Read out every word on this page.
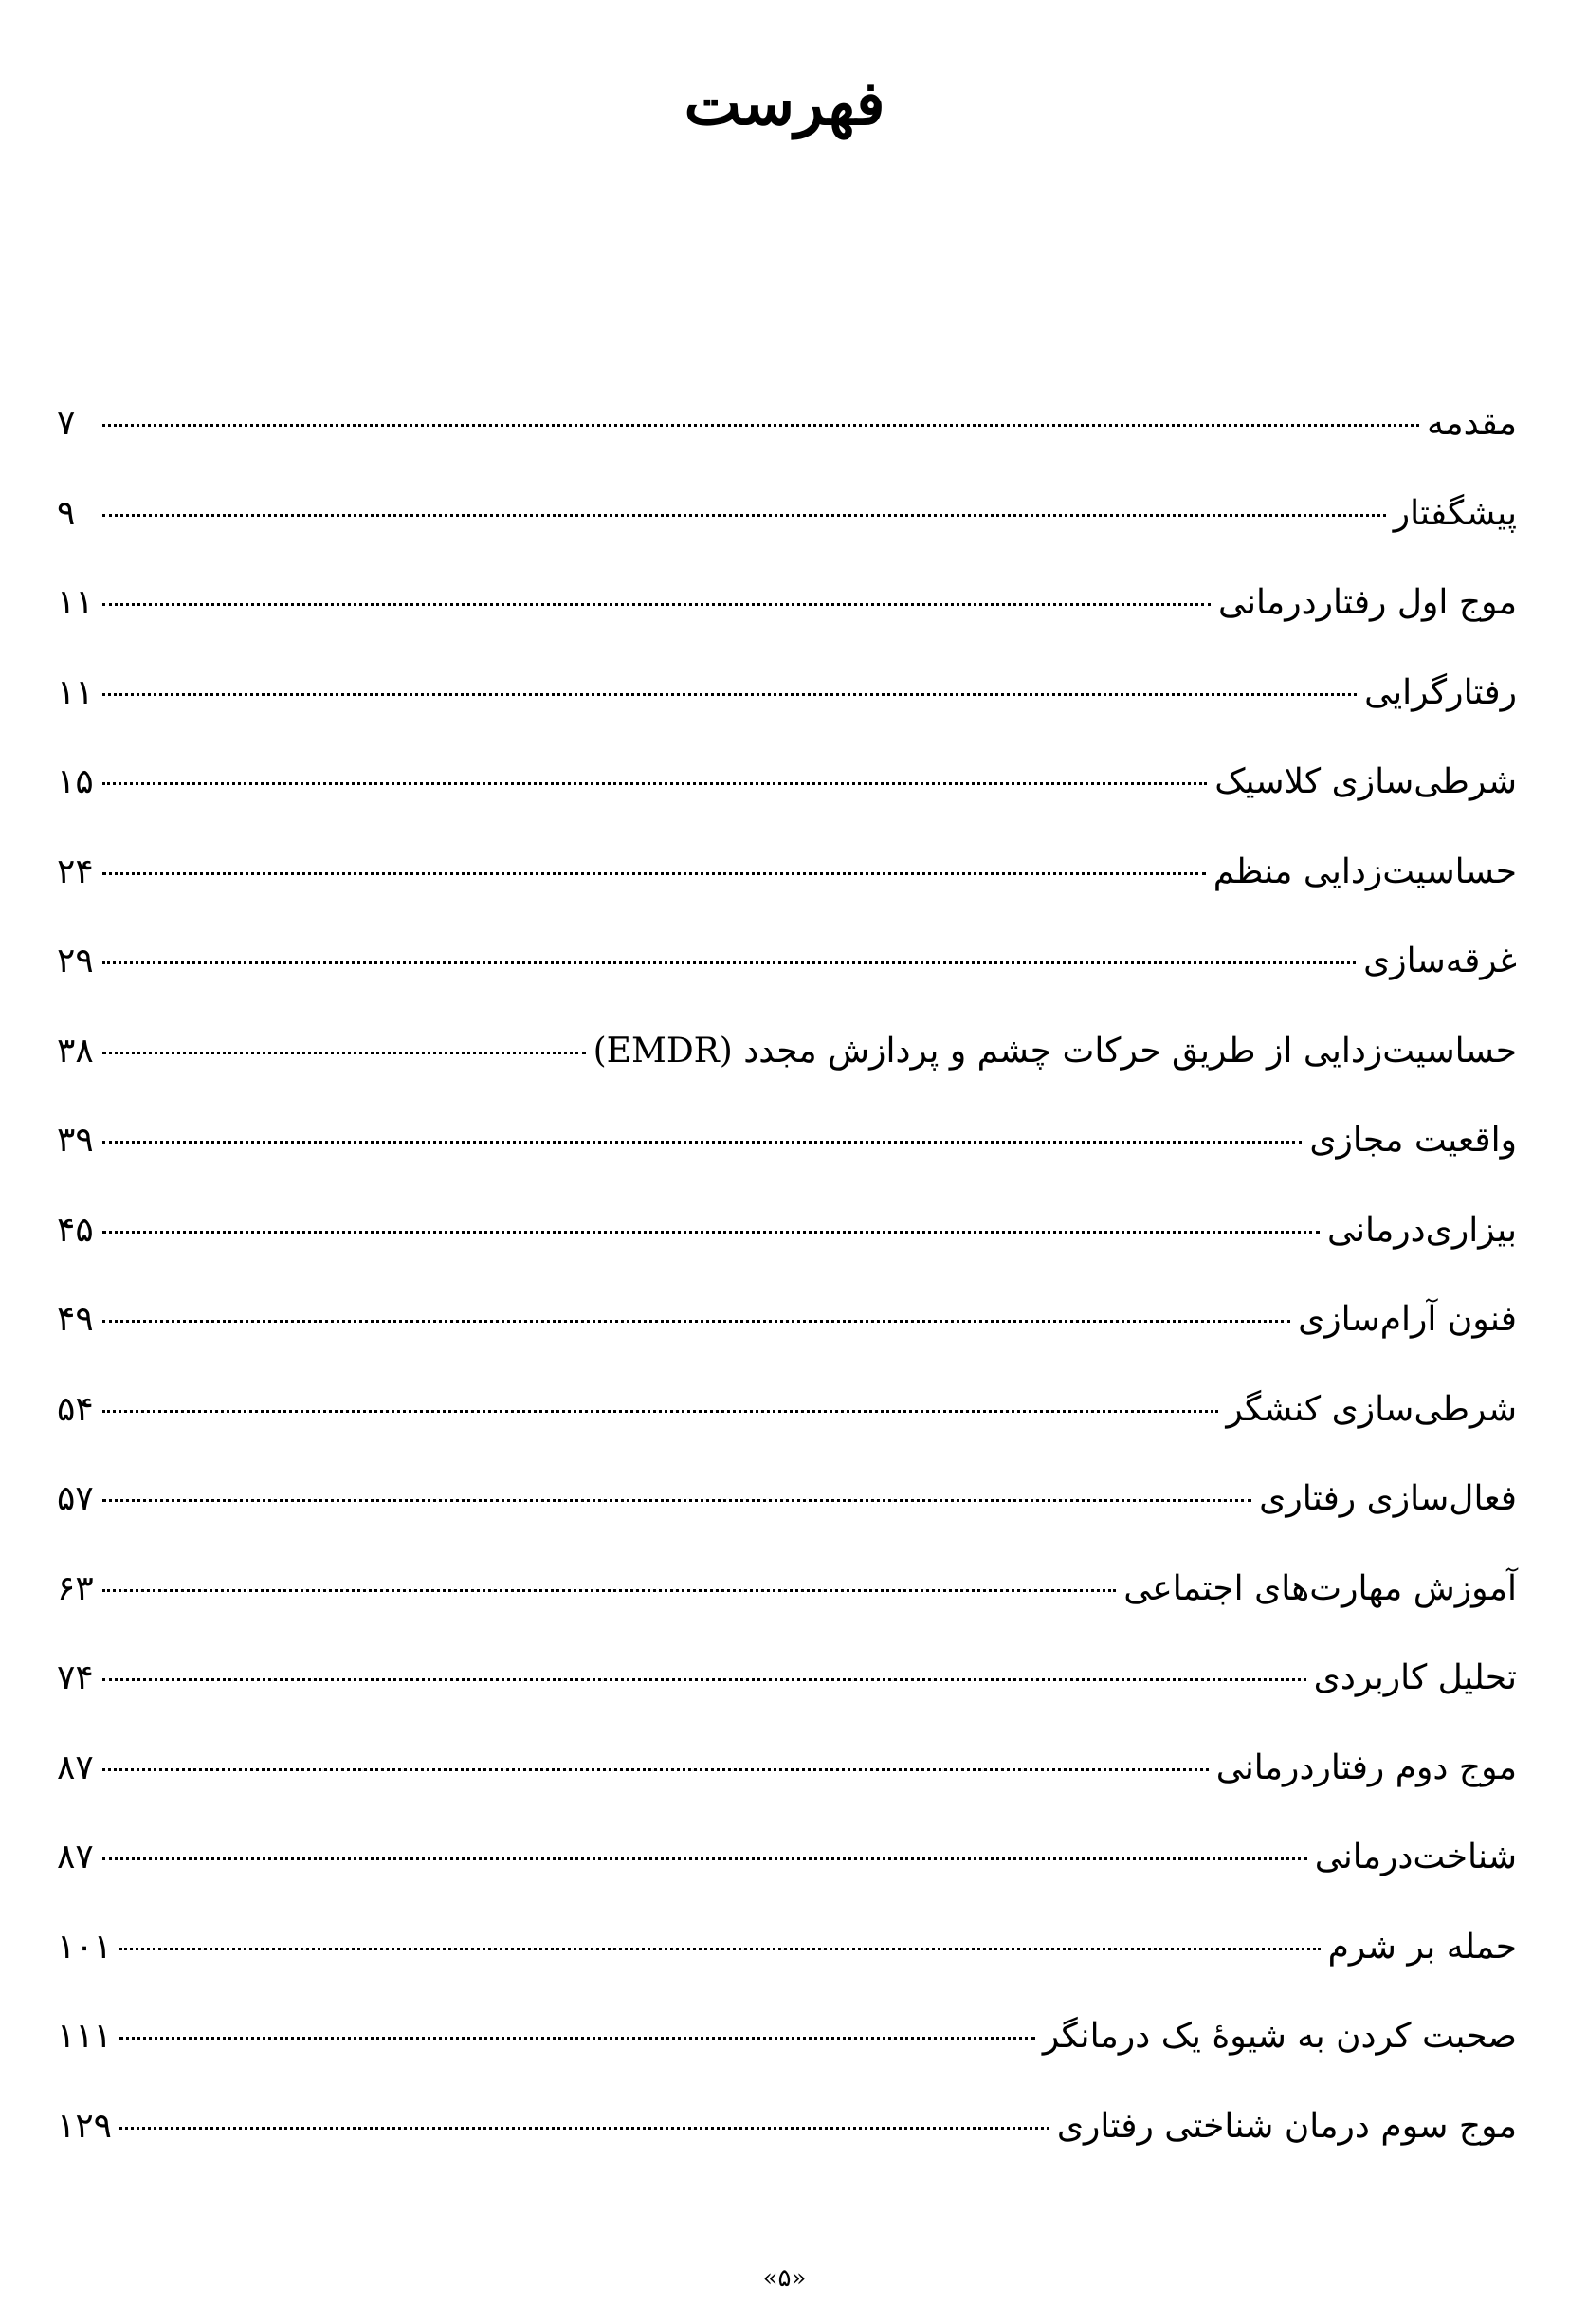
فهرست
مقدمه
۷
پیشگفتار
۹
موج اول رفتاردرمانی
۱۱
رفتارگرایی
۱۱
شرطی‌سازی کلاسیک
۱۵
حساسیت‌زدایی منظم
۲۴
غرقه‌سازی
۲۹
حساسیت‌زدایی از طریق حرکات چشم و پردازش مجدد (EMDR)
۳۸
واقعیت مجازی
۳۹
بیزاری‌درمانی
۴۵
فنون آرام‌سازی
۴۹
شرطی‌سازی کنشگر
۵۴
فعال‌سازی رفتاری
۵۷
آموزش مهارت‌های اجتماعی
۶۳
تحلیل کاربردی
۷۴
موج دوم رفتاردرمانی
۸۷
شناخت‌درمانی
۸۷
حمله بر شرم
۱۰۱
صحبت کردن به شیوهٔ یک درمانگر
۱۱۱
موج سوم درمان شناختی رفتاری
۱۲۹
«۵»
